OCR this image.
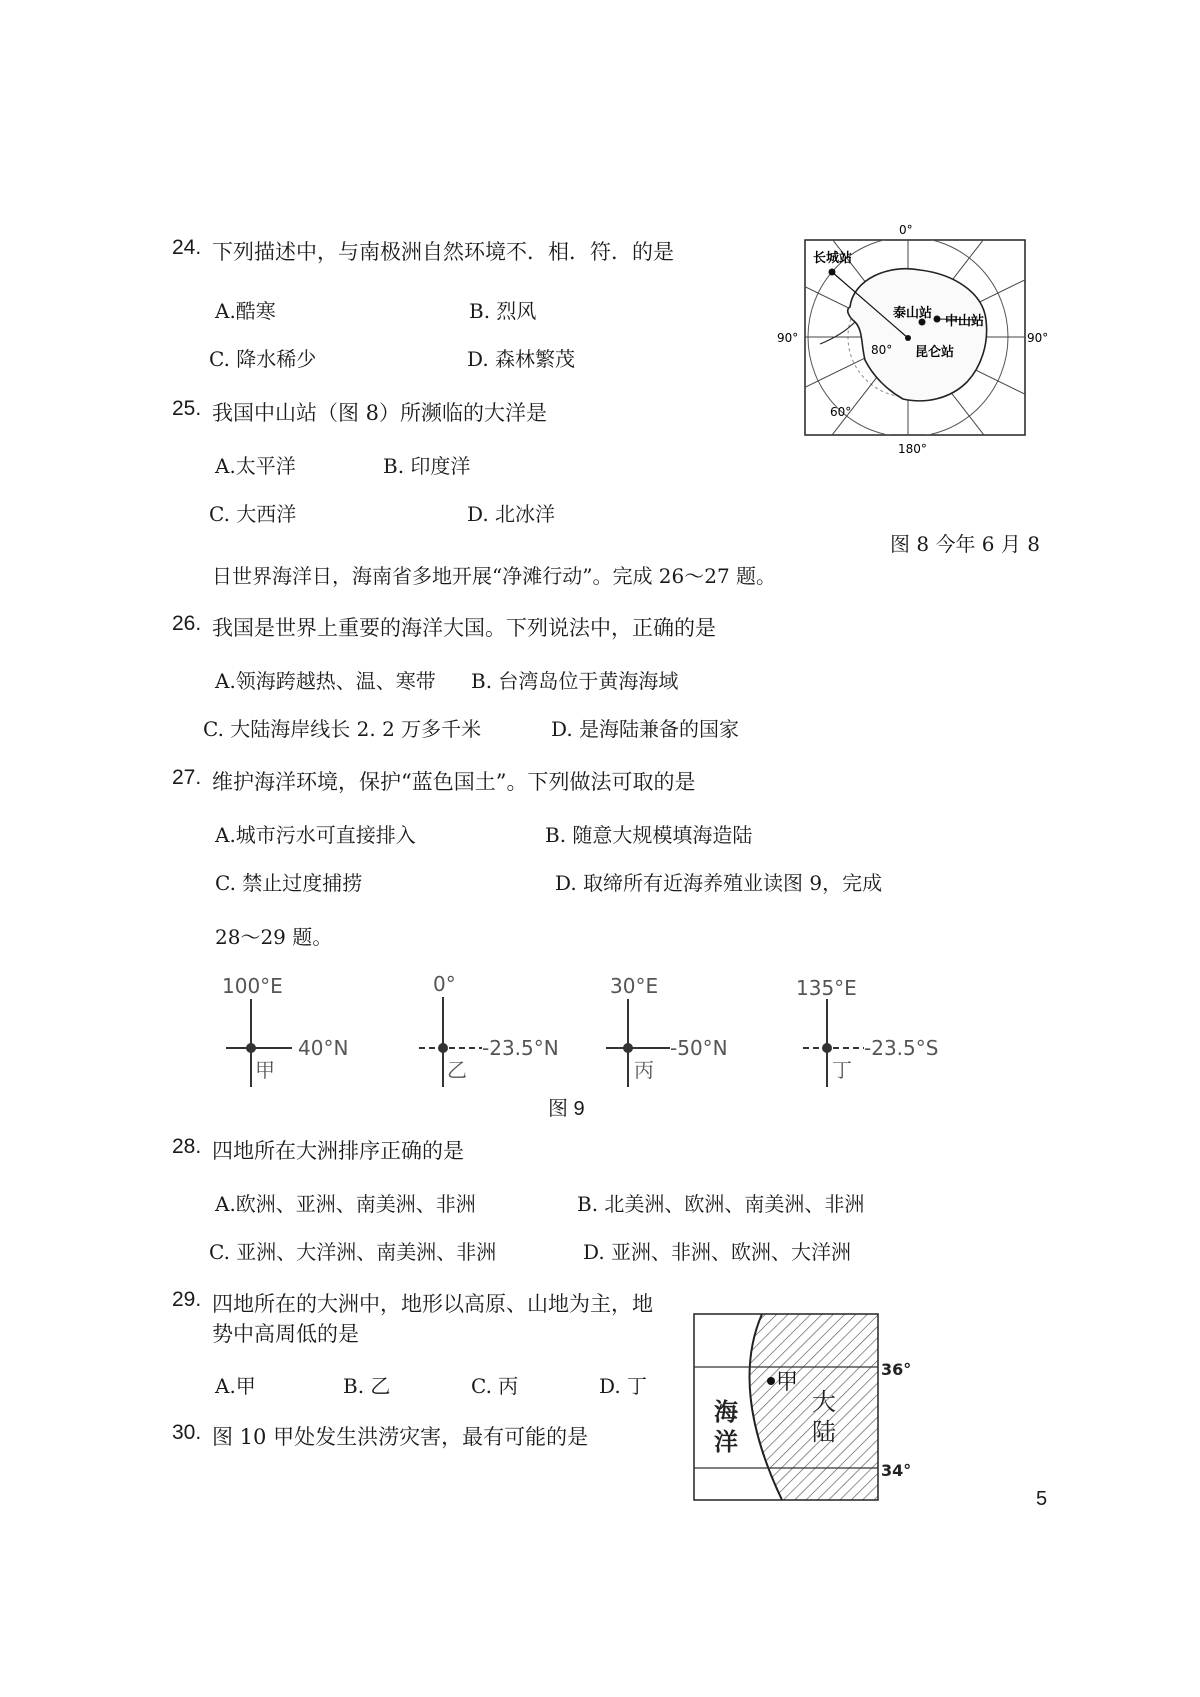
24. 下列描述中，与南极洲自然环境不．相．符．的是
A.酷寒	B. 烈风
C. 降水稀少	D. 森林繁茂
0°
180°
90°	90°
60°
80°
长城站
泰山站
中山站
昆仑站
25. 我国中山站（图 8）所濒临的大洋是
A.太平洋	B. 印度洋
C. 大西洋	D. 北冰洋
图 8 今年 6 月 8
日世界海洋日，海南省多地开展“净滩行动”。完成 26～27 题。
26. 我国是世界上重要的海洋大国。下列说法中，正确的是
A.领海跨越热、温、寒带 B. 台湾岛位于黄海海域
C. 大陆海岸线长 2. 2 万多千米	D. 是海陆兼备的国家
27. 维护海洋环境，保护“蓝色国土”。下列做法可取的是
A.城市污水可直接排入	B. 随意大规模填海造陆
C. 禁止过度捕捞	D. 取缔所有近海养殖业读图 9，完成
28～29 题。
100°E
40°N
甲
0°
-23.5°N
乙
30°E
-50°N
丙
135°E
-23.5°S
丁
图 9
28. 四地所在大洲排序正确的是
A.欧洲、亚洲、南美洲、非洲	B. 北美洲、欧洲、南美洲、非洲
C. 亚洲、大洋洲、南美洲、非洲	D. 亚洲、非洲、欧洲、大洋洲
29. 四地所在的大洲中，地形以高原、山地为主，地
势中高周低的是
A.甲	B. 乙	C. 丙	D. 丁
30. 图 10 甲处发生洪涝灾害，最有可能的是
甲
36°
34°
海
洋
大
陆
5
